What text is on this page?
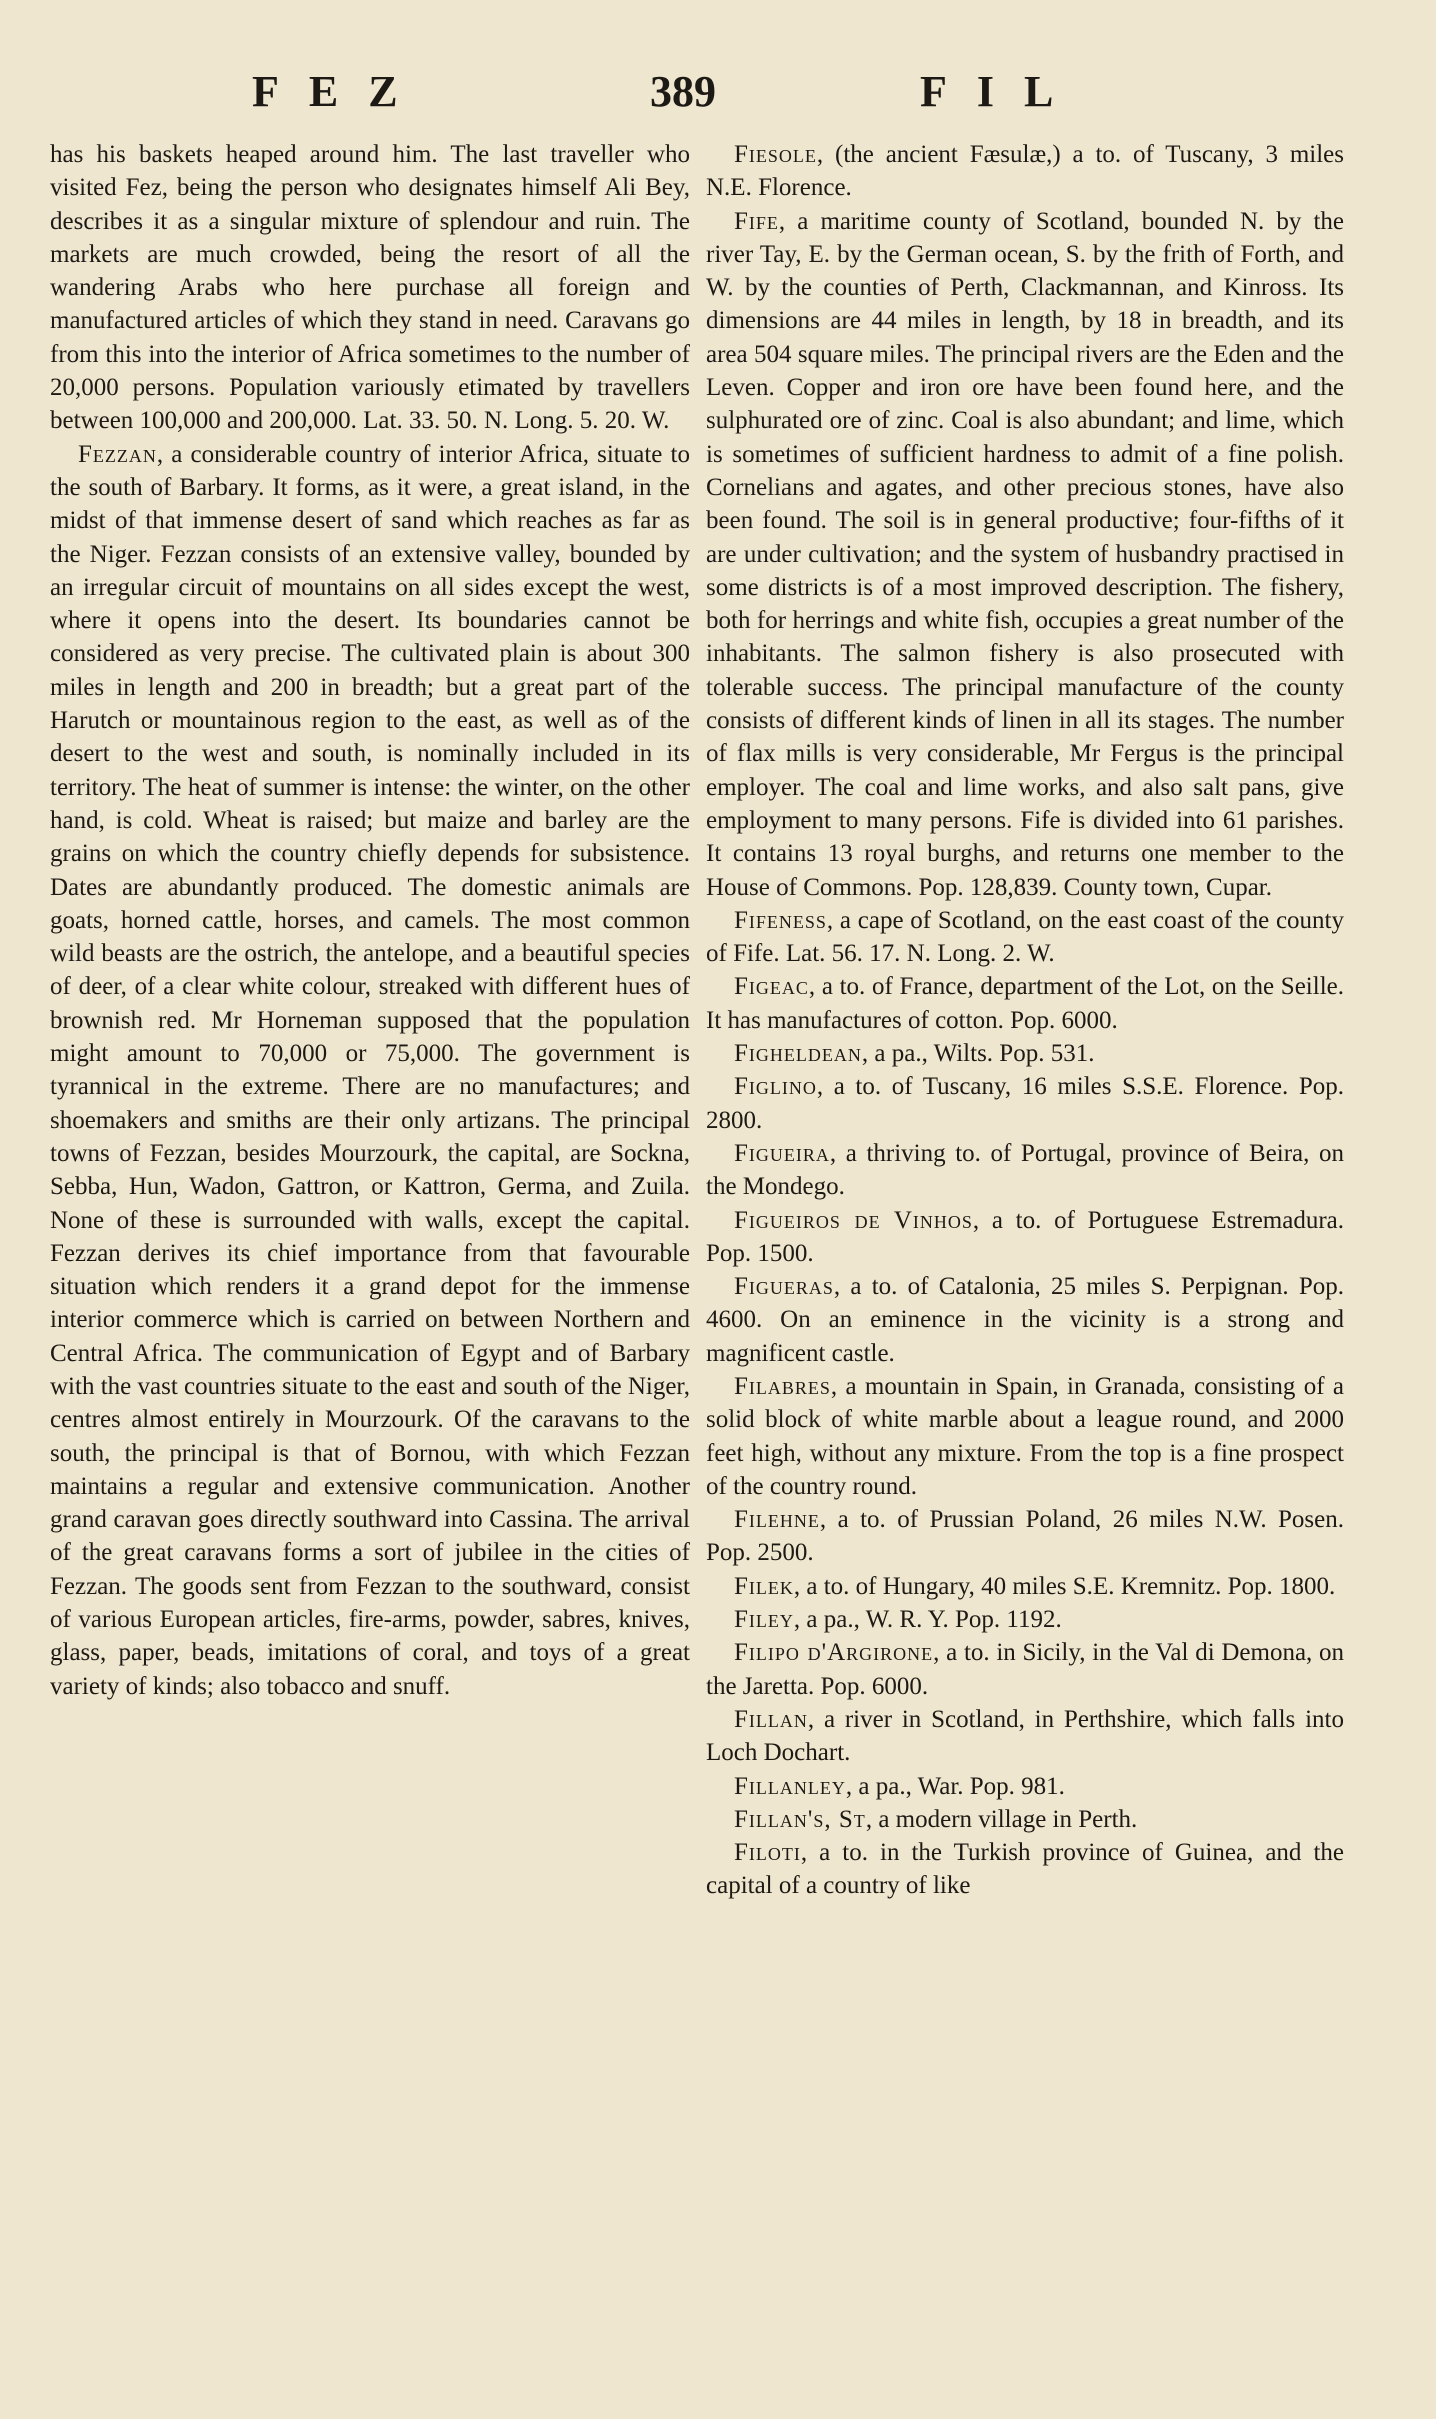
FEZ	389	FIL

has his baskets heaped around him. The last traveller who visited Fez, being the person who designates himself Ali Bey, describes it as a singular mixture of splendour and ruin. The markets are much crowded, being the resort of all the wandering Arabs who here purchase all foreign and manufactured articles of which they stand in need. Caravans go from this into the interior of Africa sometimes to the number of 20,000 persons. Population variously etimated by travellers between 100,000 and 200,000. Lat. 33. 50. N. Long. 5. 20. W.

Fezzan, a considerable country of interior Africa, situate to the south of Barbary. It forms, as it were, a great island, in the midst of that immense desert of sand which reaches as far as the Niger. Fezzan consists of an extensive valley, bounded by an irregular circuit of mountains on all sides except the west, where it opens into the desert. Its boundaries cannot be considered as very precise. The cultivated plain is about 300 miles in length and 200 in breadth; but a great part of the Harutch or mountainous region to the east, as well as of the desert to the west and south, is nominally included in its territory. The heat of summer is intense: the winter, on the other hand, is cold. Wheat is raised; but maize and barley are the grains on which the country chiefly depends for subsistence. Dates are abundantly produced. The domestic animals are goats, horned cattle, horses, and camels. The most common wild beasts are the ostrich, the antelope, and a beautiful species of deer, of a clear white colour, streaked with different hues of brownish red. Mr Horneman supposed that the population might amount to 70,000 or 75,000. The government is tyrannical in the extreme. There are no manufactures; and shoemakers and smiths are their only artizans. The principal towns of Fezzan, besides Mourzourk, the capital, are Sockna, Sebba, Hun, Wadon, Gattron, or Kattron, Germa, and Zuila. None of these is surrounded with walls, except the capital. Fezzan derives its chief importance from that favourable situation which renders it a grand depot for the immense interior commerce which is carried on between Northern and Central Africa. The communication of Egypt and of Barbary with the vast countries situate to the east and south of the Niger, centres almost entirely in Mourzourk. Of the caravans to the south, the principal is that of Bornou, with which Fezzan maintains a regular and extensive communication. Another grand caravan goes directly southward into Cassina. The arrival of the great caravans forms a sort of jubilee in the cities of Fezzan. The goods sent from Fezzan to the southward, consist of various European articles, fire-arms, powder, sabres, knives, glass, paper, beads, imitations of coral, and toys of a great variety of kinds; also tobacco and snuff.

Fiesole, (the ancient Fæsulæ,) a to. of Tuscany, 3 miles N.E. Florence.

Fife, a maritime county of Scotland, bounded N. by the river Tay, E. by the German ocean, S. by the frith of Forth, and W. by the counties of Perth, Clackmannan, and Kinross. Its dimensions are 44 miles in length, by 18 in breadth, and its area 504 square miles. The principal rivers are the Eden and the Leven. Copper and iron ore have been found here, and the sulphurated ore of zinc. Coal is also abundant; and lime, which is sometimes of sufficient hardness to admit of a fine polish. Cornelians and agates, and other precious stones, have also been found. The soil is in general productive; four-fifths of it are under cultivation; and the system of husbandry practised in some districts is of a most improved description. The fishery, both for herrings and white fish, occupies a great number of the inhabitants. The salmon fishery is also prosecuted with tolerable success. The principal manufacture of the county consists of different kinds of linen in all its stages. The number of flax mills is very considerable, Mr Fergus is the principal employer. The coal and lime works, and also salt pans, give employment to many persons. Fife is divided into 61 parishes. It contains 13 royal burghs, and returns one member to the House of Commons. Pop. 128,839. County town, Cupar.

Fifeness, a cape of Scotland, on the east coast of the county of Fife. Lat. 56. 17. N. Long. 2. W.

Figeac, a to. of France, department of the Lot, on the Seille. It has manufactures of cotton. Pop. 6000.

Figheldean, a pa., Wilts. Pop. 531.

Figlino, a to. of Tuscany, 16 miles S.S.E. Florence. Pop. 2800.

Figueira, a thriving to. of Portugal, province of Beira, on the Mondego.

Figueiros de Vinhos, a to. of Portuguese Estremadura. Pop. 1500.

Figueras, a to. of Catalonia, 25 miles S. Perpignan. Pop. 4600. On an eminence in the vicinity is a strong and magnificent castle.

Filabres, a mountain in Spain, in Granada, consisting of a solid block of white marble about a league round, and 2000 feet high, without any mixture. From the top is a fine prospect of the country round.

Filehne, a to. of Prussian Poland, 26 miles N.W. Posen. Pop. 2500.

Filek, a to. of Hungary, 40 miles S.E. Kremnitz. Pop. 1800.

Filey, a pa., W. R. Y. Pop. 1192.

Filipo d'Argirone, a to. in Sicily, in the Val di Demona, on the Jaretta. Pop. 6000.

Fillan, a river in Scotland, in Perthshire, which falls into Loch Dochart.

Fillanley, a pa., War. Pop. 981.

Fillan's, St, a modern village in Perth.

Filoti, a to. in the Turkish province of Guinea, and the capital of a country of like
